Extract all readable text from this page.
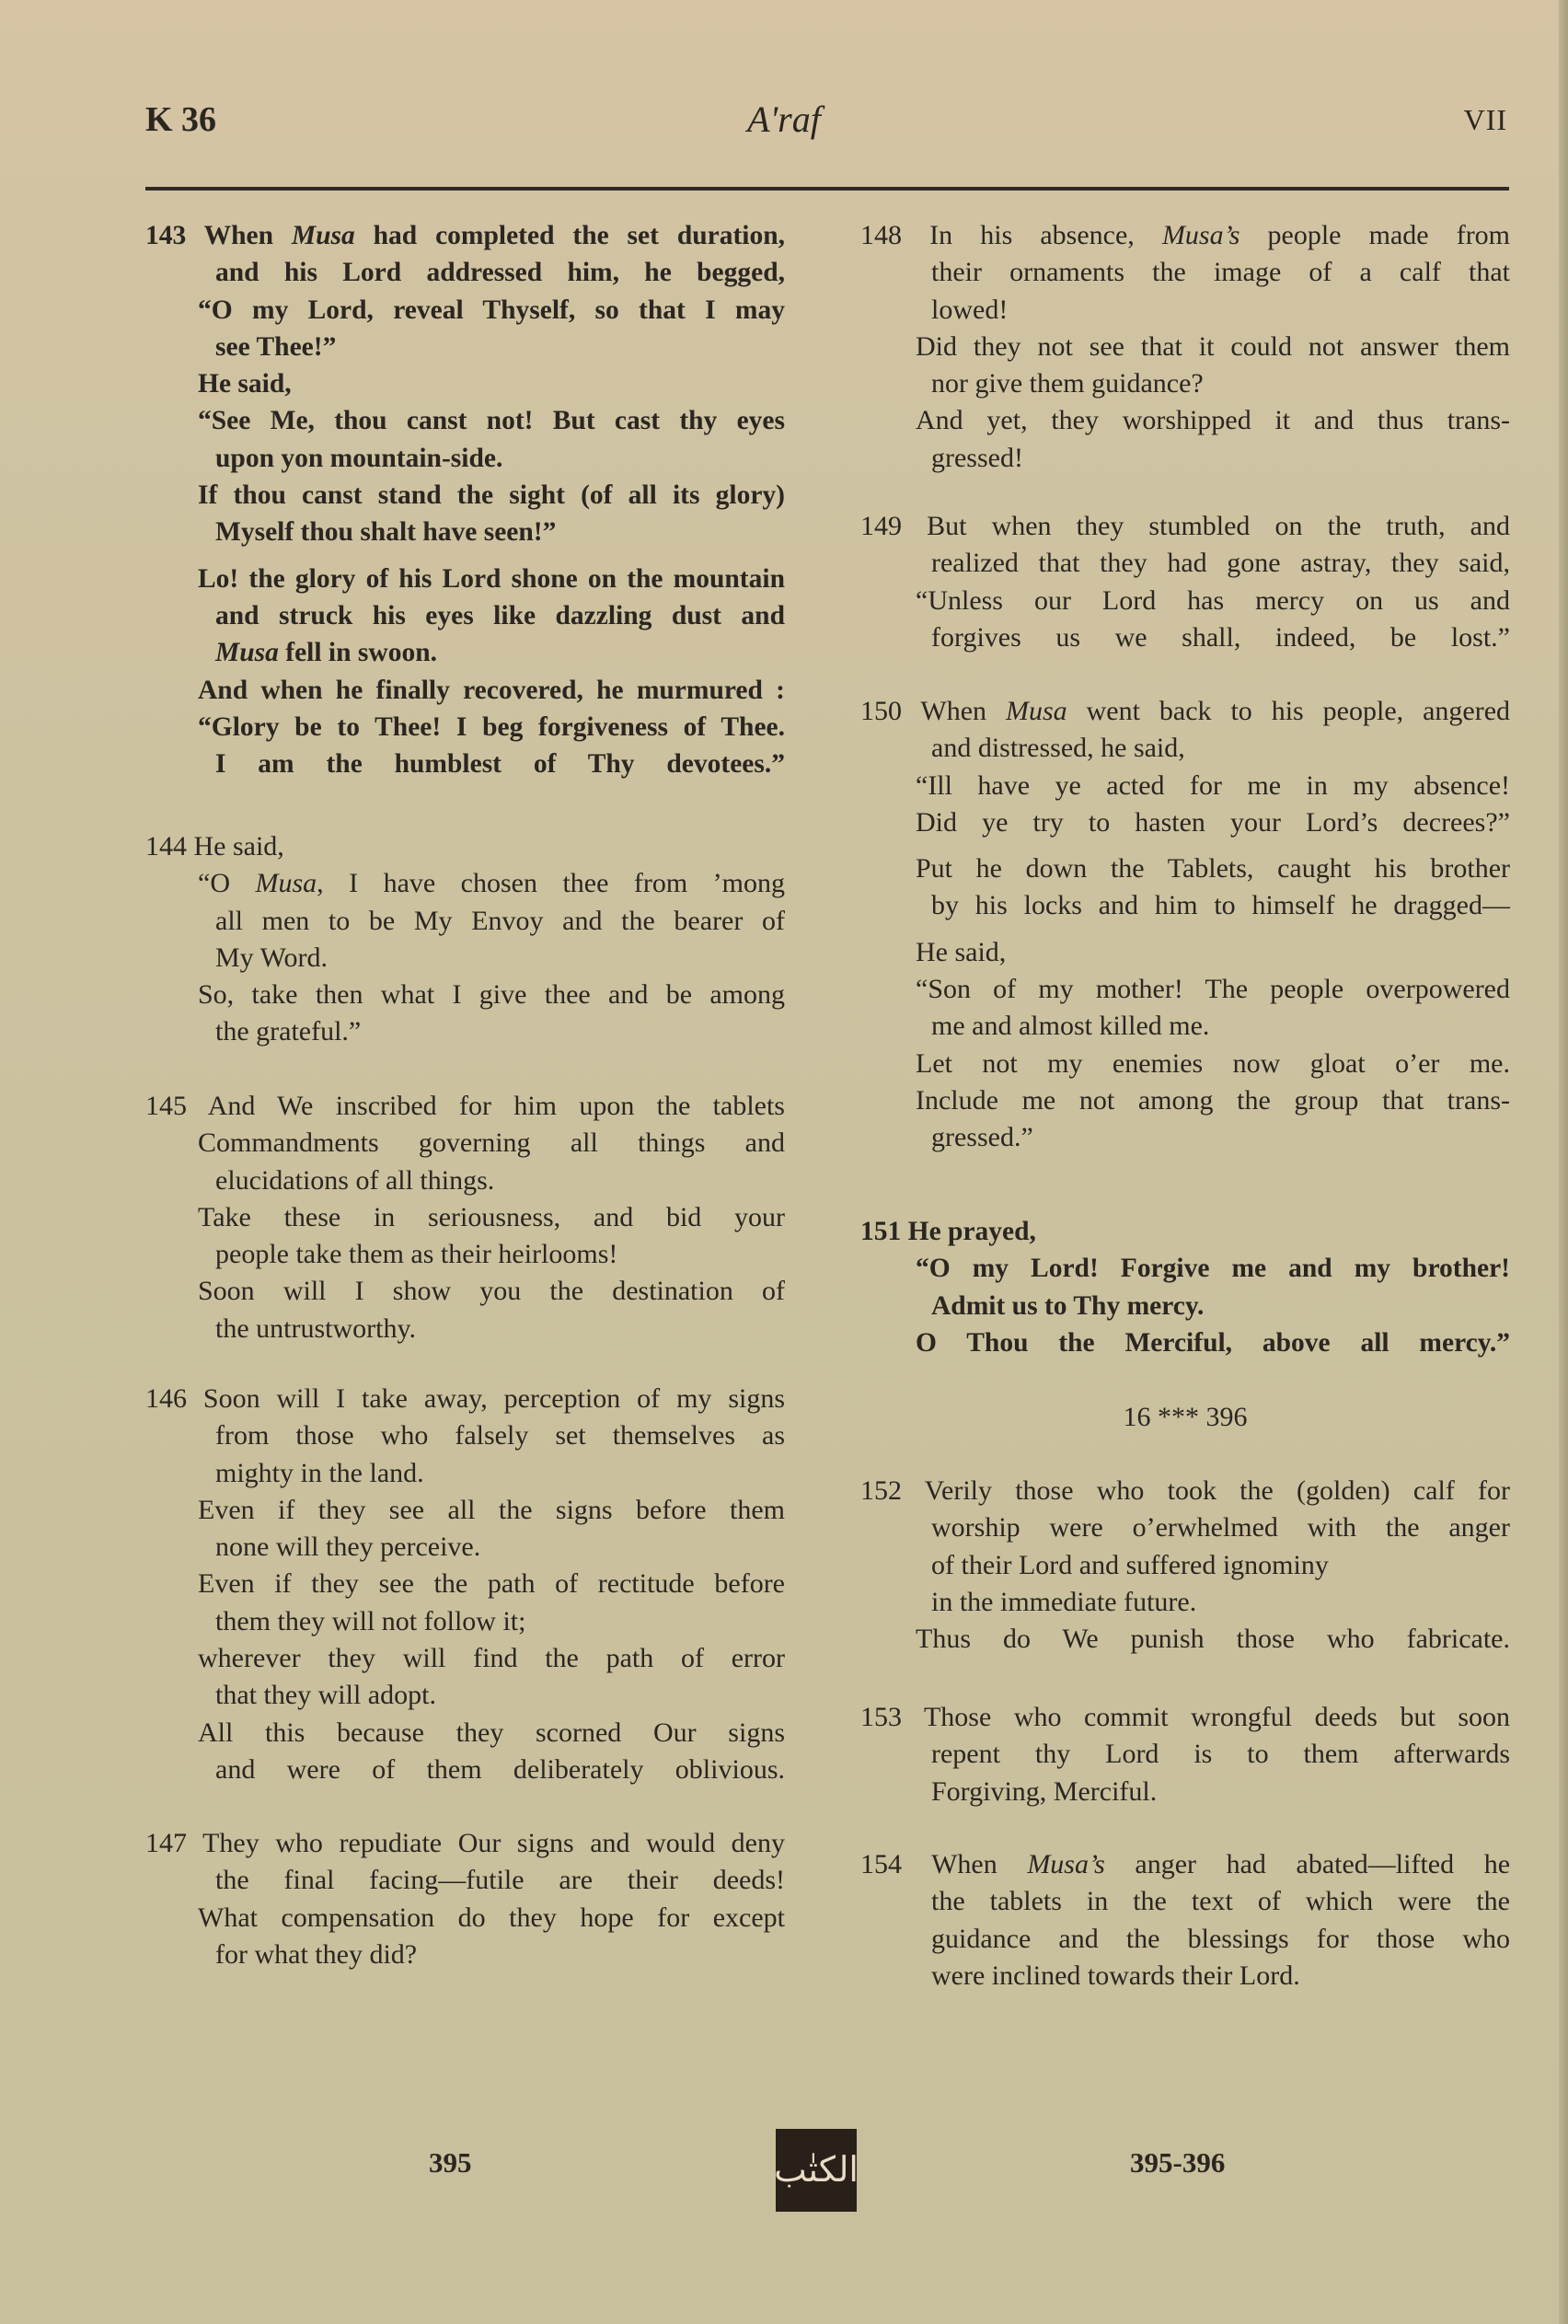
K 36	A'raf	VII
143 When Musa had completed the set duration,
and his Lord addressed him, he begged,
“O my Lord, reveal Thyself, so that I may
see Thee!”
He said,
“See Me, thou canst not! But cast thy eyes
upon yon mountain-side.
If thou canst stand the sight (of all its glory)
Myself thou shalt have seen!”
Lo! the glory of his Lord shone on the mountain
and struck his eyes like dazzling dust and
Musa fell in swoon.
And when he finally recovered, he murmured :
“Glory be to Thee! I beg forgiveness of Thee.
I am the humblest of Thy devotees.”
144 He said,
“O Musa, I have chosen thee from ’mong
all men to be My Envoy and the bearer of
My Word.
So, take then what I give thee and be among
the grateful.”
145 And We inscribed for him upon the tablets
Commandments governing all things and
elucidations of all things.
Take these in seriousness, and bid your
people take them as their heirlooms!
Soon will I show you the destination of
the untrustworthy.
146 Soon will I take away, perception of my signs
from those who falsely set themselves as
mighty in the land.
Even if they see all the signs before them
none will they perceive.
Even if they see the path of rectitude before
them they will not follow it;
wherever they will find the path of error
that they will adopt.
All this because they scorned Our signs
and were of them deliberately oblivious.
147 They who repudiate Our signs and would deny
the final facing—futile are their deeds!
What compensation do they hope for except
for what they did?
148 In his absence, Musa’s people made from
their ornaments the image of a calf that
lowed!
Did they not see that it could not answer them
nor give them guidance?
And yet, they worshipped it and thus trans-
gressed!
149 But when they stumbled on the truth, and
realized that they had gone astray, they said,
“Unless our Lord has mercy on us and
forgives us we shall, indeed, be lost.”
150 When Musa went back to his people, angered
and distressed, he said,
“Ill have ye acted for me in my absence!
Did ye try to hasten your Lord’s decrees?”
Put he down the Tablets, caught his brother
by his locks and him to himself he dragged—
He said,
“Son of my mother! The people overpowered
me and almost killed me.
Let not my enemies now gloat o’er me.
Include me not among the group that trans-
gressed.”
151 He prayed,
“O my Lord! Forgive me and my brother!
Admit us to Thy mercy.
O Thou the Merciful, above all mercy.”
152 Verily those who took the (golden) calf for
worship were o’erwhelmed with the anger
of their Lord and suffered ignominy
in the immediate future.
Thus do We punish those who fabricate.
153 Those who commit wrongful deeds but soon
repent thy Lord is to them afterwards
Forgiving, Merciful.
154 When Musa’s anger had abated—lifted he
the tablets in the text of which were the
guidance and the blessings for those who
were inclined towards their Lord.
16 *** 396
395	الكتٰب	395-396
